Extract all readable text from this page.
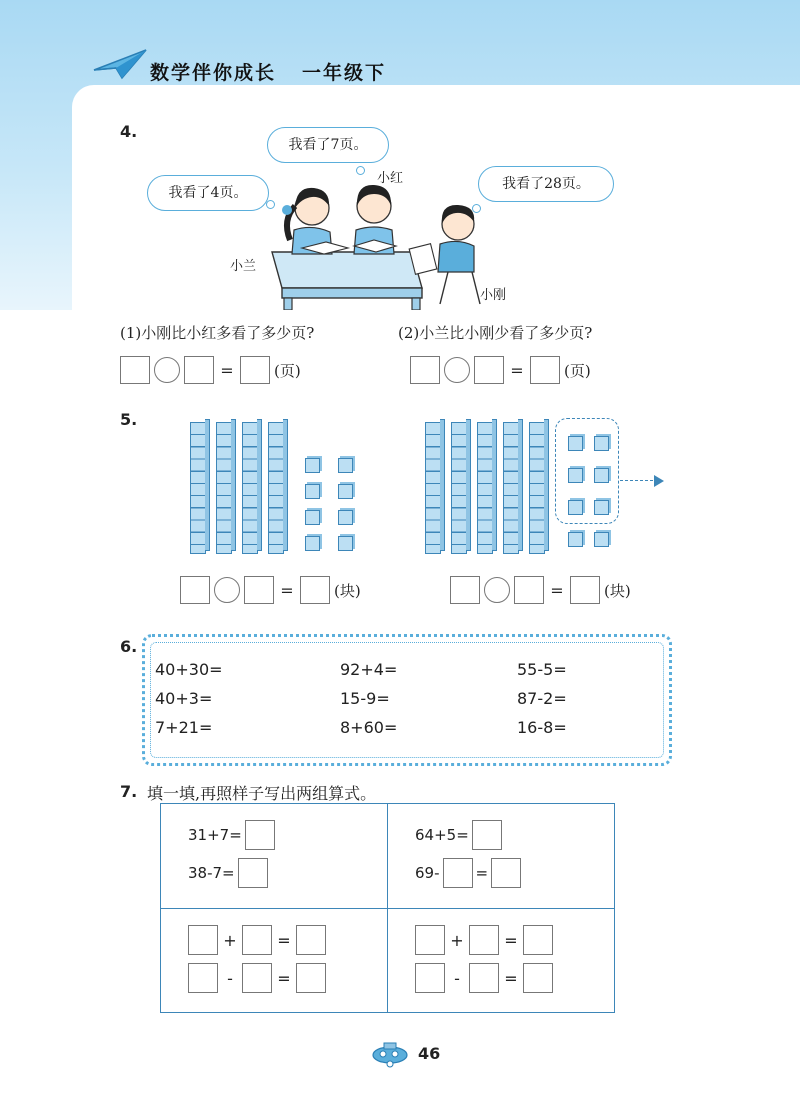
数学伴你成长 一年级下
4.
我看了7页。
我看了4页。
我看了28页。
小红
小兰
小刚
(1)小刚比小红多看了多少页?	(2)小兰比小刚少看了多少页?
=	(页)	=	(页)
5.
=	(块)	=	(块)
6.
40+30=	92+4=	55-5=
40+3=	15-9=	87-2=
7+21=	8+60=	16-8=
7. 填一填,再照样子写出两组算式。
31+7=
38-7=
64+5=
69- =
+	=
-	=
+	=
-	=
46
